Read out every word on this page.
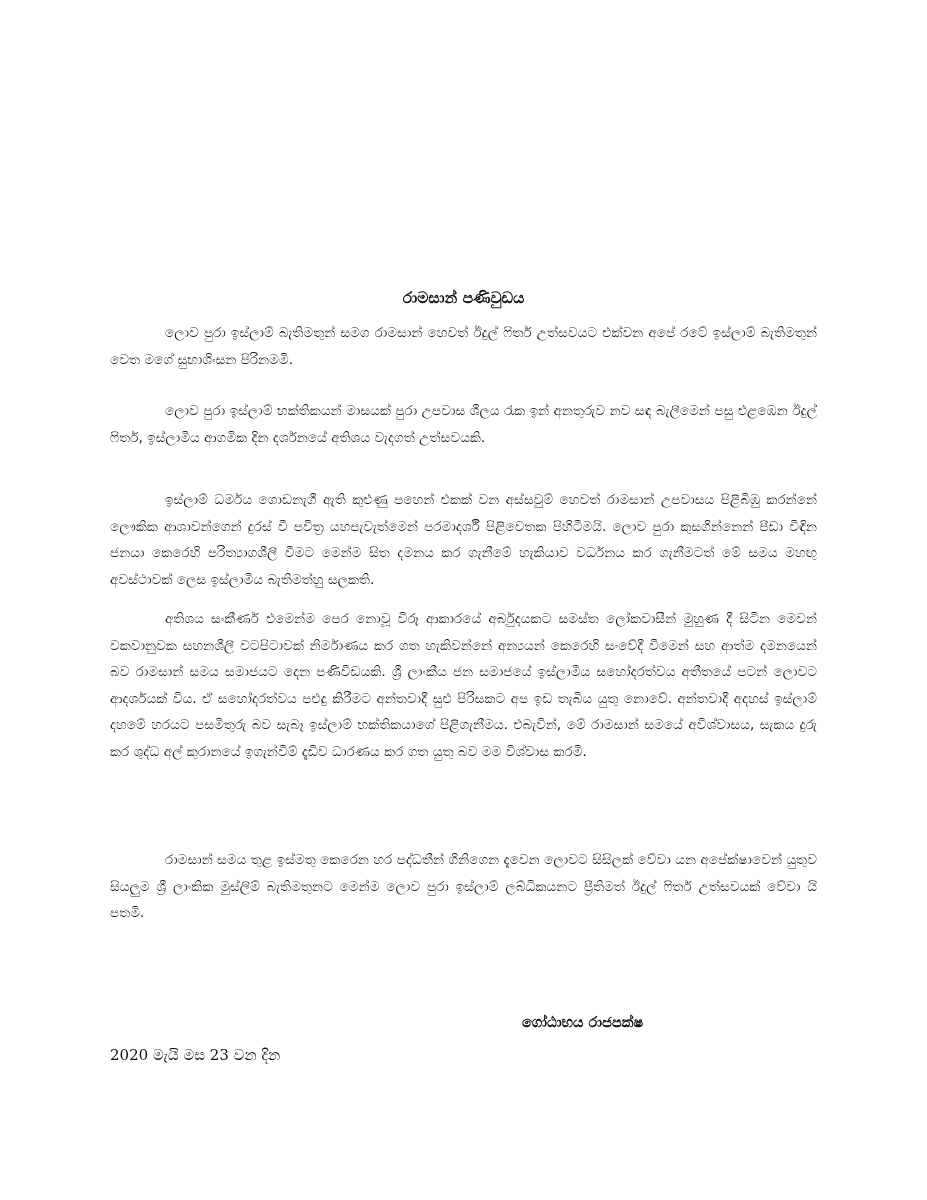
රාමසාන් පණිවුඩය

ලොව පුරා ඉස්ලාම් බැතිමතුන් සමග රාමසාන් හෙවත් ඊදුල් ෆිතර් උත්සවයට එක්වන අපේ රටේ ඉස්ලාම් බැතිමතුන් වෙත මගේ සුභාශිංසන පිරිනමමි.

ලොව පුරා ඉස්ලාම් භක්තිකයන් මාසයක් පුරා උපවාස ශීලය රැක ඉන් අනතුරුව නව සඳ බැලීමෙන් පසු එළඹෙන ඊදුල් ෆිතර්, ඉස්ලාමීය ආගමික දින දර්ශනයේ අතිශය වැදගත් උත්සවයකි.

ඉස්ලාම් ධර්මය ගොඩනැගී ඇති කුළුණු පහෙන් එකක් වන අස්සවුම් හෙවත් රාමසාන් උපවාසය පිළිබිඹු කරන්නේ ලෞකික ආශාවන්ගෙන් දුරස් වී පවිත්‍ර යහපැවැත්මෙන් පරමාදර්ශී පිළිවෙතක පිහිටීමයි. ලොව පුරා කුසගින්නෙන් පීඩා විඳින ජනයා කෙරෙහි පරිත්‍යාගශීලී වීමට මෙන්ම සිත දමනය කර ගැනීමේ හැකියාව වර්ධනය කර ගැනීමටත් මේ සමය මහඟු අවස්ථාවක් ලෙස ඉස්ලාමීය බැතිමත්හු සලකති.

අතිශය සංකීර්ණ එමෙන්ම පෙර නොවූ විරූ ආකාරයේ අර්බුදයකට සමස්ත ලෝකවාසීන් මුහුණ දී සිටින මෙවන් වකවානුවක සහනශීලී වටපිටාවක් නිර්මාණය කර ගත හැකිවන්නේ අන්‍යයන් කෙරෙහි සංවේදී වීමෙන් සහ ආත්ම දමනයෙන් බව රාමසාන් සමය සමාජයට දෙන පණිවිඩයකි. ශ්‍රී ලාංකීය ජන සමාජයේ ඉස්ලාමීය සහෝදරත්වය අතීතයේ පටන් ලොවට ආදර්ශයක් විය. ඒ සහෝදරත්වය පළුදු කිරීමට අන්තවාදී සුළු පිරිසකට අප ඉඩ තැබිය යුතු නොවේ. අන්තවාදී අදහස් ඉස්ලාම් දහමේ හරයට පසමිතුරු බව සැබෑ ඉස්ලාම් භක්තිකයාගේ පිළිගැනීමය. එබැවින්, මේ රාමසාන් සමයේ අවිශ්වාසය, සැකය දුරු කර ශුද්ධ අල් කුරානයේ ඉගැන්වීම් දැඩිව ධාරණය කර ගත යුතු බව මම විශ්වාස කරමි.

රාමසාන් සමය තුළ ඉස්මතු කෙරෙන හර පද්ධතීන් ගිනිගෙන දැවෙන ලොවට සිසිලක් වේවා යන අපේක්ෂාවෙන් යුතුව සියලුම ශ්‍රී ලාංකික මුස්ලිම් බැතිමතුනට මෙන්ම ලොව පුරා ඉස්ලාම් ලබ්ධිකයනට ප්‍රීතිමත් ඊදුල් ෆිතර් උත්සවයක් වේවා යි පතමි.

ගෝඨාභය රාජපක්ෂ
2020 මැයි මස 23 වන දින
